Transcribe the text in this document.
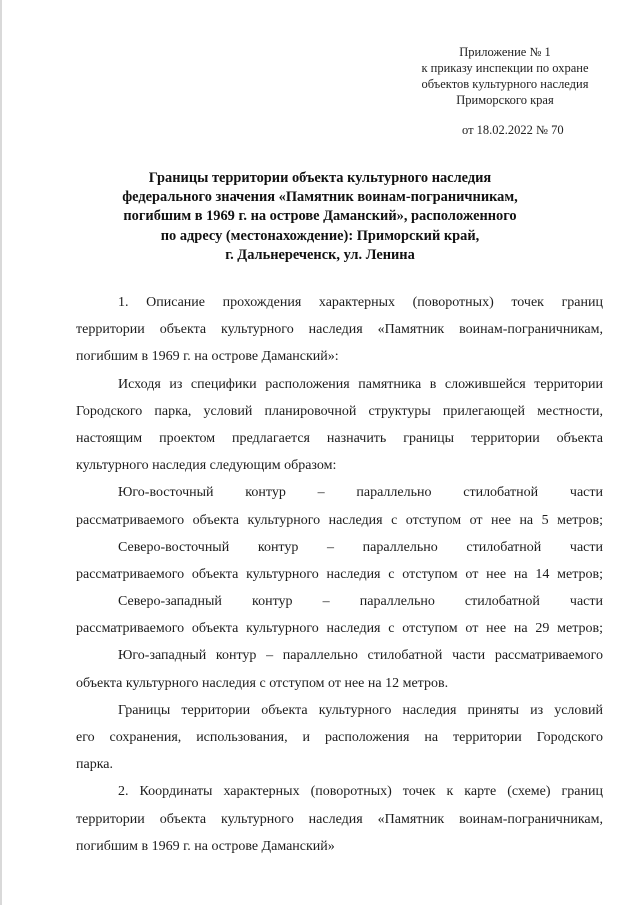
Приложение № 1
к приказу инспекции по охране
объектов культурного наследия
Приморского края
от 18.02.2022 № 70
Границы территории объекта культурного наследия
федерального значения «Памятник воинам-пограничникам,
погибшим в 1969 г. на острове Даманский», расположенного
по адресу (местонахождение): Приморский край,
г. Дальнереченск, ул. Ленина
1. Описание прохождения характерных (поворотных) точек границ
территории объекта культурного наследия «Памятник воинам-пограничникам,
погибшим в 1969 г. на острове Даманский»:
Исходя из специфики расположения памятника в сложившейся территории
Городского парка, условий планировочной структуры прилегающей местности,
настоящим проектом предлагается назначить границы территории объекта
культурного наследия следующим образом:
Юго-восточный контур – параллельно стилобатной части
рассматриваемого объекта культурного наследия с отступом от нее на 5 метров;
Северо-восточный контур – параллельно стилобатной части
рассматриваемого объекта культурного наследия с отступом от нее на 14 метров;
Северо-западный контур – параллельно стилобатной части
рассматриваемого объекта культурного наследия с отступом от нее на 29 метров;
Юго-западный контур – параллельно стилобатной части рассматриваемого
объекта культурного наследия с отступом от нее на 12 метров.
Границы территории объекта культурного наследия приняты из условий
его сохранения, использования, и расположения на территории Городского
парка.
2. Координаты характерных (поворотных) точек к карте (схеме) границ
территории объекта культурного наследия «Памятник воинам-пограничникам,
погибшим в 1969 г. на острове Даманский»
